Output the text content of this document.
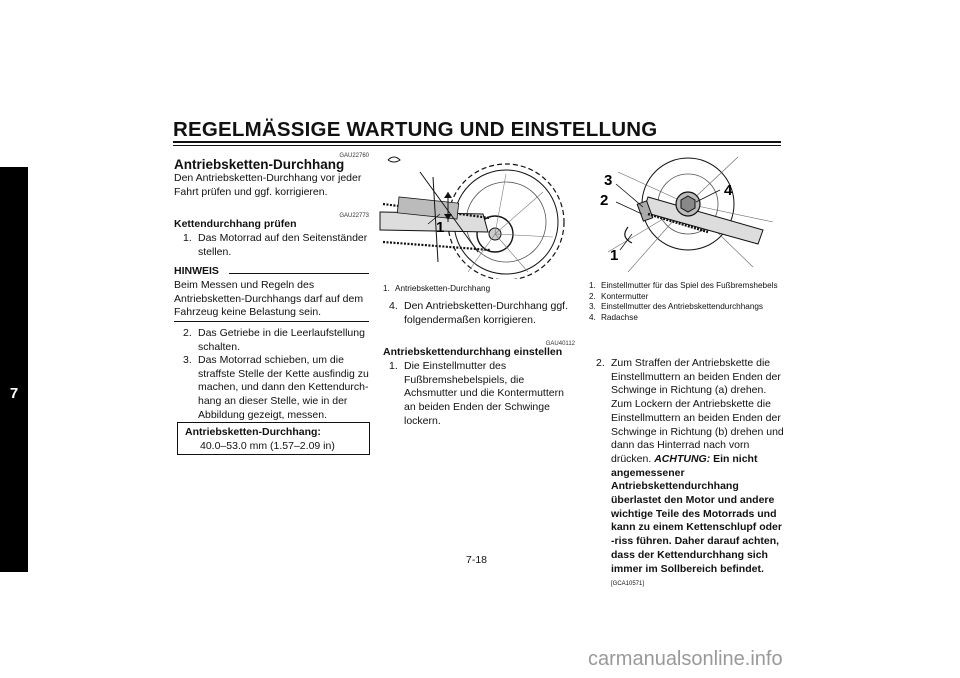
REGELMÄSSIGE WARTUNG UND EINSTELLUNG
7
GAU22760
Antriebsketten-Durchhang
Den Antriebsketten-Durchhang vor jeder Fahrt prüfen und ggf. korrigieren.
GAU22773
Kettendurchhang prüfen
1. Das Motorrad auf den Seitenständer stellen.
HINWEIS
Beim Messen und Regeln des Antriebsketten-Durchhangs darf auf dem Fahrzeug keine Belastung sein.
2. Das Getriebe in die Leerlaufstellung schalten.
3. Das Motorrad schieben, um die straffste Stelle der Kette ausfindig zu machen, und dann den Kettendurch-hang an dieser Stelle, wie in der Abbildung gezeigt, messen.
Antriebsketten-Durchhang:
40.0–53.0 mm (1.57–2.09 in)
1
1. Antriebsketten-Durchhang
4. Den Antriebsketten-Durchhang ggf. folgendermaßen korrigieren.
GAU40112
Antriebskettendurchhang einstellen
1. Die Einstellmutter des Fußbremshebelspiels, die Achsmutter und die Kontermuttern an beiden Enden der Schwinge lockern.
1
2
3
4
1. Einstellmutter für das Spiel des Fußbremshebels
2. Kontermutter
3. Einstellmutter des Antriebskettendurchhangs
4. Radachse
2. Zum Straffen der Antriebskette die Einstellmuttern an beiden Enden der Schwinge in Richtung (a) drehen. Zum Lockern der Antriebskette die Einstellmuttern an beiden Enden der Schwinge in Richtung (b) drehen und dann das Hinterrad nach vorn drücken. ACHTUNG: Ein nicht angemessener Antriebskettendurchhang überlastet den Motor und andere wichtige Teile des Motorrads und kann zu einem Kettenschlupf oder -riss führen. Daher darauf achten, dass der Kettendurchhang sich immer im Sollbereich befindet. [GCA10571]
7-18
carmanualsonline.info
